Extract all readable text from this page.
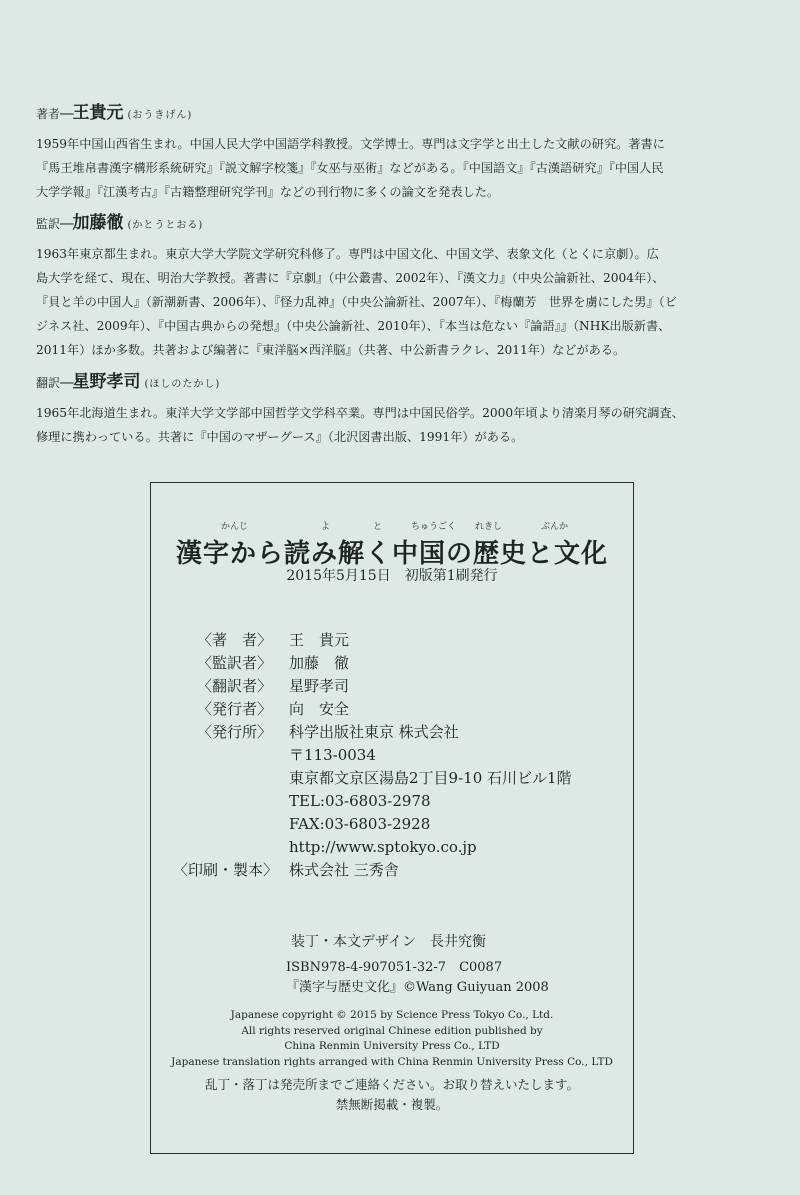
著者──王貴元 (おうきげん)

1959年中国山西省生まれ。中国人民大学中国語学科教授。文学博士。専門は文字学と出土した文献の研究。著書に

『馬王堆帛書漢字構形系統研究』『説文解字校箋』『女巫与巫術』などがある。『中国語文』『古漢語研究』『中国人民

大学学報』『江漢考古』『古籍整理研究学刊』などの刊行物に多くの論文を発表した。

監訳──加藤徹 (かとうとおる)

1963年東京都生まれ。東京大学大学院文学研究科修了。専門は中国文化、中国文学、表象文化（とくに京劇）。広

島大学を経て、現在、明治大学教授。著書に『京劇』（中公叢書、2002年）、『漢文力』（中央公論新社、2004年）、

『貝と羊の中国人』（新潮新書、2006年）、『怪力乱神』（中央公論新社、2007年）、『梅蘭芳　世界を虜にした男』（ビ

ジネス社、2009年）、『中国古典からの発想』（中央公論新社、2010年）、『本当は危ない『論語』』（NHK出版新書、

2011年）ほか多数。共著および編著に『東洋脳×西洋脳』（共著、中公新書ラクレ、2011年）などがある。

翻訳──星野孝司 (ほしのたかし)

1965年北海道生まれ。東洋大学文学部中国哲学文学科卒業。専門は中国民俗学。2000年頃より清楽月琴の研究調査、

修理に携わっている。共著に『中国のマザーグース』（北沢図書出版、1991年）がある。

かんじ	よ	と	ちゅうごく れきし	ぶんか
漢字から読み解く中国の歴史と文化
2015年5月15日　初版第1刷発行
〈著　者〉	王　貴元
〈監訳者〉	加藤　徹
〈翻訳者〉	星野孝司
〈発行者〉	向　安全
〈発行所〉	科学出版社東京 株式会社
〒113-0034
東京都文京区湯島2丁目9-10 石川ビル1階
TEL:03-6803-2978
FAX:03-6803-2928
http://www.sptokyo.co.jp
〈印刷・製本〉 株式会社 三秀舎
装丁・本文デザイン　長井究衡

ISBN978-4-907051-32-7　C0087

『漢字与歴史文化』©Wang Guiyuan 2008

Japanese copyright © 2015 by Science Press Tokyo Co., Ltd.

All rights reserved original Chinese edition published by

China Renmin University Press Co., LTD

Japanese translation rights arranged with China Renmin University Press Co., LTD

乱丁・落丁は発売所までご連絡ください。お取り替えいたします。

禁無断掲載・複製。
